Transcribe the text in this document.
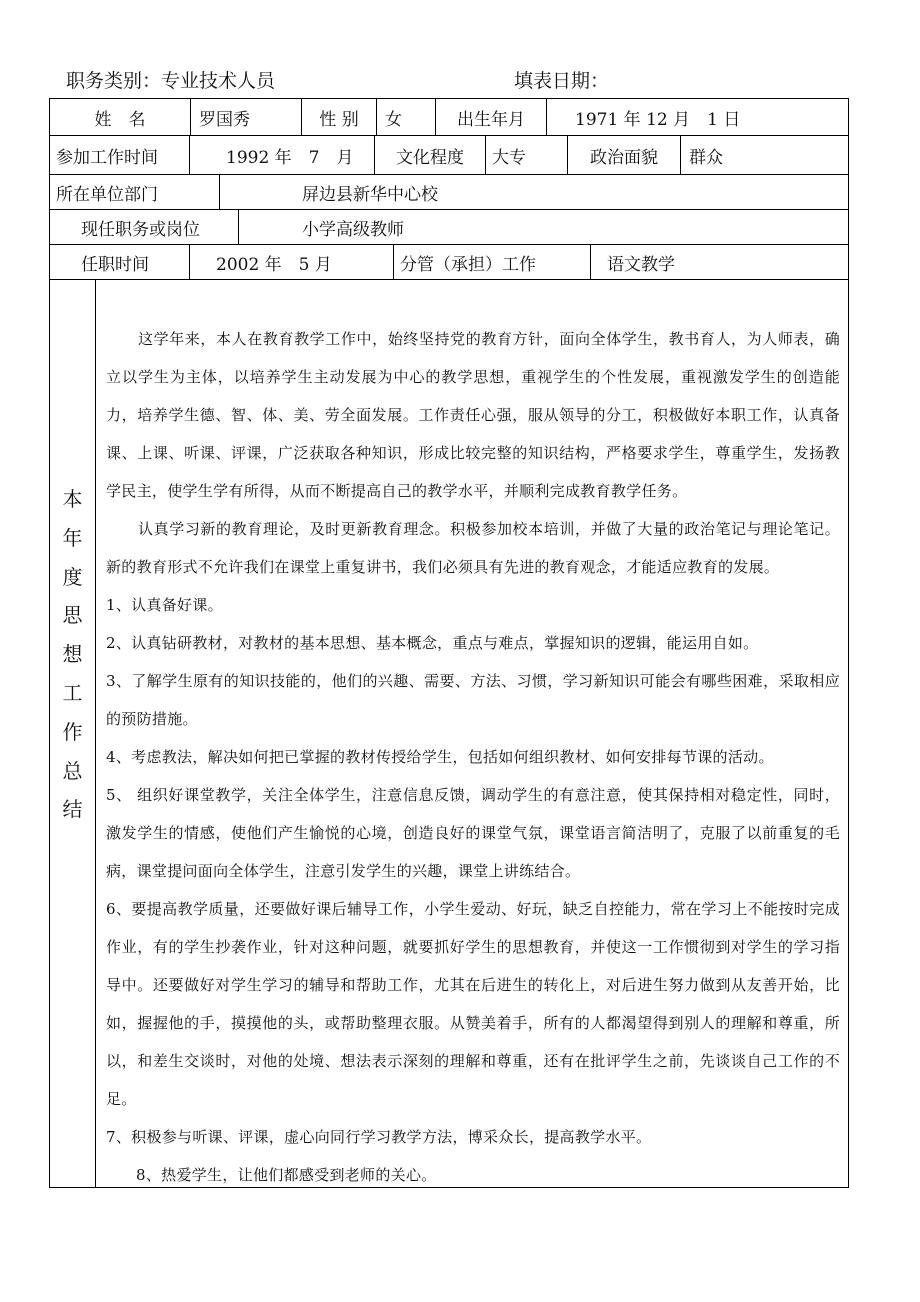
职务类别：专业技术人员	填表日期：
姓　名	罗国秀	性 别	女	出生年月	1971 年 12 月　1 日
参加工作时间	1992 年　7　月	文化程度	大专	政治面貌	群众
所在单位部门	屏边县新华中心校
现任职务或岗位	小学高级教师
任职时间	2002 年　5 月	分管（承担）工作	语文教学
本
年
度
思
想
工
作
总
结

这学年来，本人在教育教学工作中，始终坚持党的教育方针，面向全体学生，教书育人，为人师表，确立以学生为主体，以培养学生主动发展为中心的教学思想，重视学生的个性发展，重视激发学生的创造能力，培养学生德、智、体、美、劳全面发展。工作责任心强，服从领导的分工，积极做好本职工作，认真备课、上课、听课、评课，广泛获取各种知识，形成比较完整的知识结构，严格要求学生，尊重学生，发扬教学民主，使学生学有所得，从而不断提高自己的教学水平，并顺利完成教育教学任务。

认真学习新的教育理论，及时更新教育理念。积极参加校本培训，并做了大量的政治笔记与理论笔记。新的教育形式不允许我们在课堂上重复讲书，我们必须具有先进的教育观念，才能适应教育的发展。

1、认真备好课。

2、认真钻研教材，对教材的基本思想、基本概念，重点与难点，掌握知识的逻辑，能运用自如。

3、了解学生原有的知识技能的，他们的兴趣、需要、方法、习惯，学习新知识可能会有哪些困难，采取相应的预防措施。

4、考虑教法，解决如何把已掌握的教材传授给学生，包括如何组织教材、如何安排每节课的活动。

5、 组织好课堂教学，关注全体学生，注意信息反馈，调动学生的有意注意，使其保持相对稳定性，同时，激发学生的情感，使他们产生愉悦的心境，创造良好的课堂气氛，课堂语言简洁明了，克服了以前重复的毛病，课堂提问面向全体学生，注意引发学生的兴趣，课堂上讲练结合。

6、要提高教学质量，还要做好课后辅导工作，小学生爱动、好玩，缺乏自控能力，常在学习上不能按时完成作业，有的学生抄袭作业，针对这种问题，就要抓好学生的思想教育，并使这一工作惯彻到对学生的学习指导中。还要做好对学生学习的辅导和帮助工作，尤其在后进生的转化上，对后进生努力做到从友善开始，比如，握握他的手，摸摸他的头，或帮助整理衣服。从赞美着手，所有的人都渴望得到别人的理解和尊重，所以，和差生交谈时，对他的处境、想法表示深刻的理解和尊重，还有在批评学生之前，先谈谈自己工作的不足。

7、积极参与听课、评课，虚心向同行学习教学方法，博采众长，提高教学水平。

8、热爱学生，让他们都感受到老师的关心。
